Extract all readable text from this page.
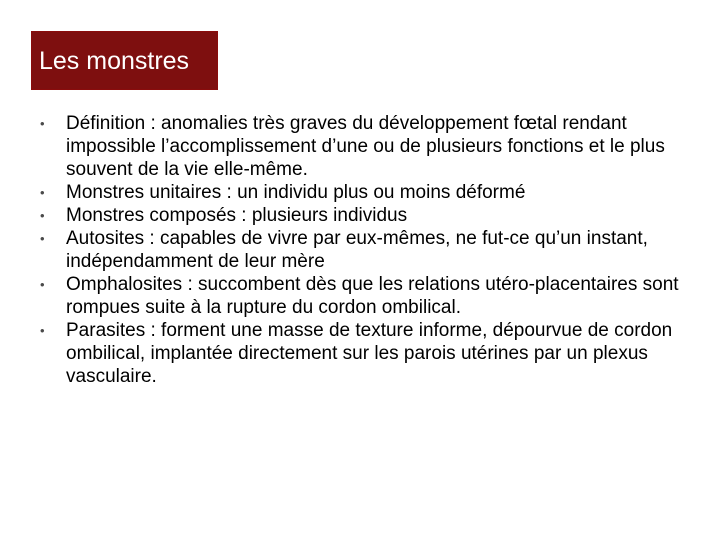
Les monstres
•	Définition : anomalies très graves du développement fœtal rendant impossible l’accomplissement d’une ou de plusieurs fonctions et le plus souvent de la vie elle-même.
•	Monstres unitaires : un individu plus ou moins déformé
•	Monstres composés : plusieurs individus
•	Autosites : capables de vivre par eux-mêmes, ne fut-ce qu’un instant, indépendamment de leur mère
•	Omphalosites : succombent dès que les relations utéro-placentaires sont rompues suite à la rupture du cordon ombilical.
•	Parasites : forment une masse de texture informe, dépourvue de cordon ombilical, implantée directement sur les parois utérines par un plexus vasculaire.
